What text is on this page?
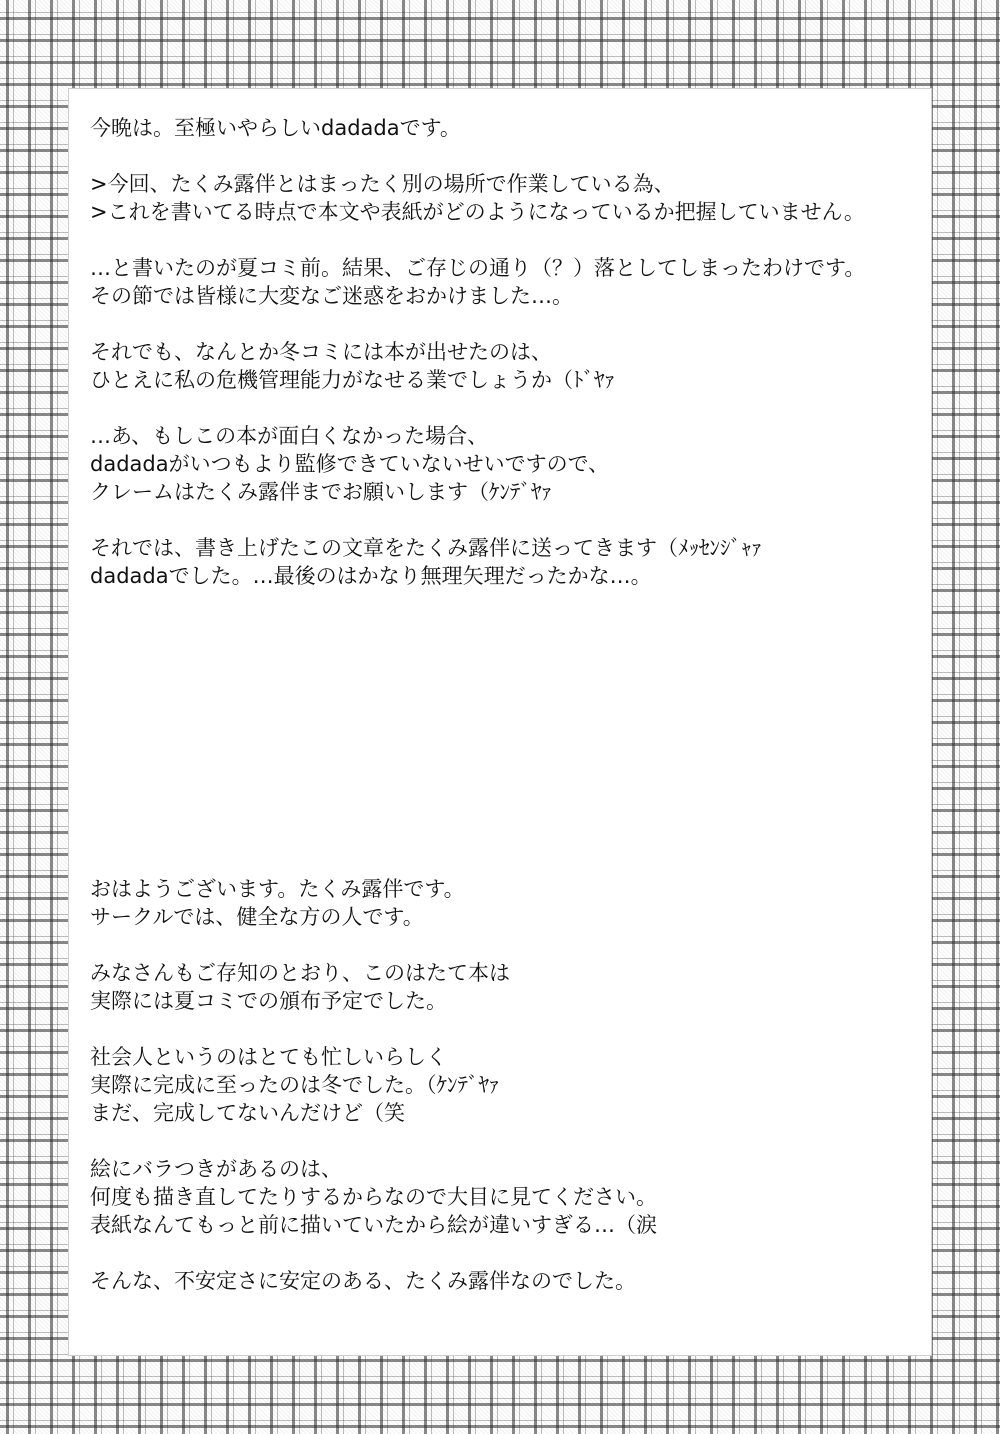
今晩は。至極いやらしいdadadaです。

>今回、たくみ露伴とはまったく別の場所で作業している為、
>これを書いてる時点で本文や表紙がどのようになっているか把握していません。

…と書いたのが夏コミ前。結果、ご存じの通り（？）落としてしまったわけです。
その節では皆様に大変なご迷惑をおかけました…。

それでも、なんとか冬コミには本が出せたのは、
ひとえに私の危機管理能力がなせる業でしょうか（ﾄﾞﾔｧ

…あ、もしこの本が面白くなかった場合、
dadadaがいつもより監修できていないせいですので、
クレームはたくみ露伴までお願いします（ｹﾝﾃﾞﾔｧ

それでは、書き上げたこの文章をたくみ露伴に送ってきます（ﾒｯｾﾝｼﾞｬｧ
dadadaでした。…最後のはかなり無理矢理だったかな…。

おはようございます。たくみ露伴です。
サークルでは、健全な方の人です。

みなさんもご存知のとおり、このはたて本は
実際には夏コミでの頒布予定でした。

社会人というのはとても忙しいらしく
実際に完成に至ったのは冬でした。（ｹﾝﾃﾞﾔｧ
まだ、完成してないんだけど（笑

絵にバラつきがあるのは、
何度も描き直してたりするからなので大目に見てください。
表紙なんてもっと前に描いていたから絵が違いすぎる…（涙

そんな、不安定さに安定のある、たくみ露伴なのでした。
